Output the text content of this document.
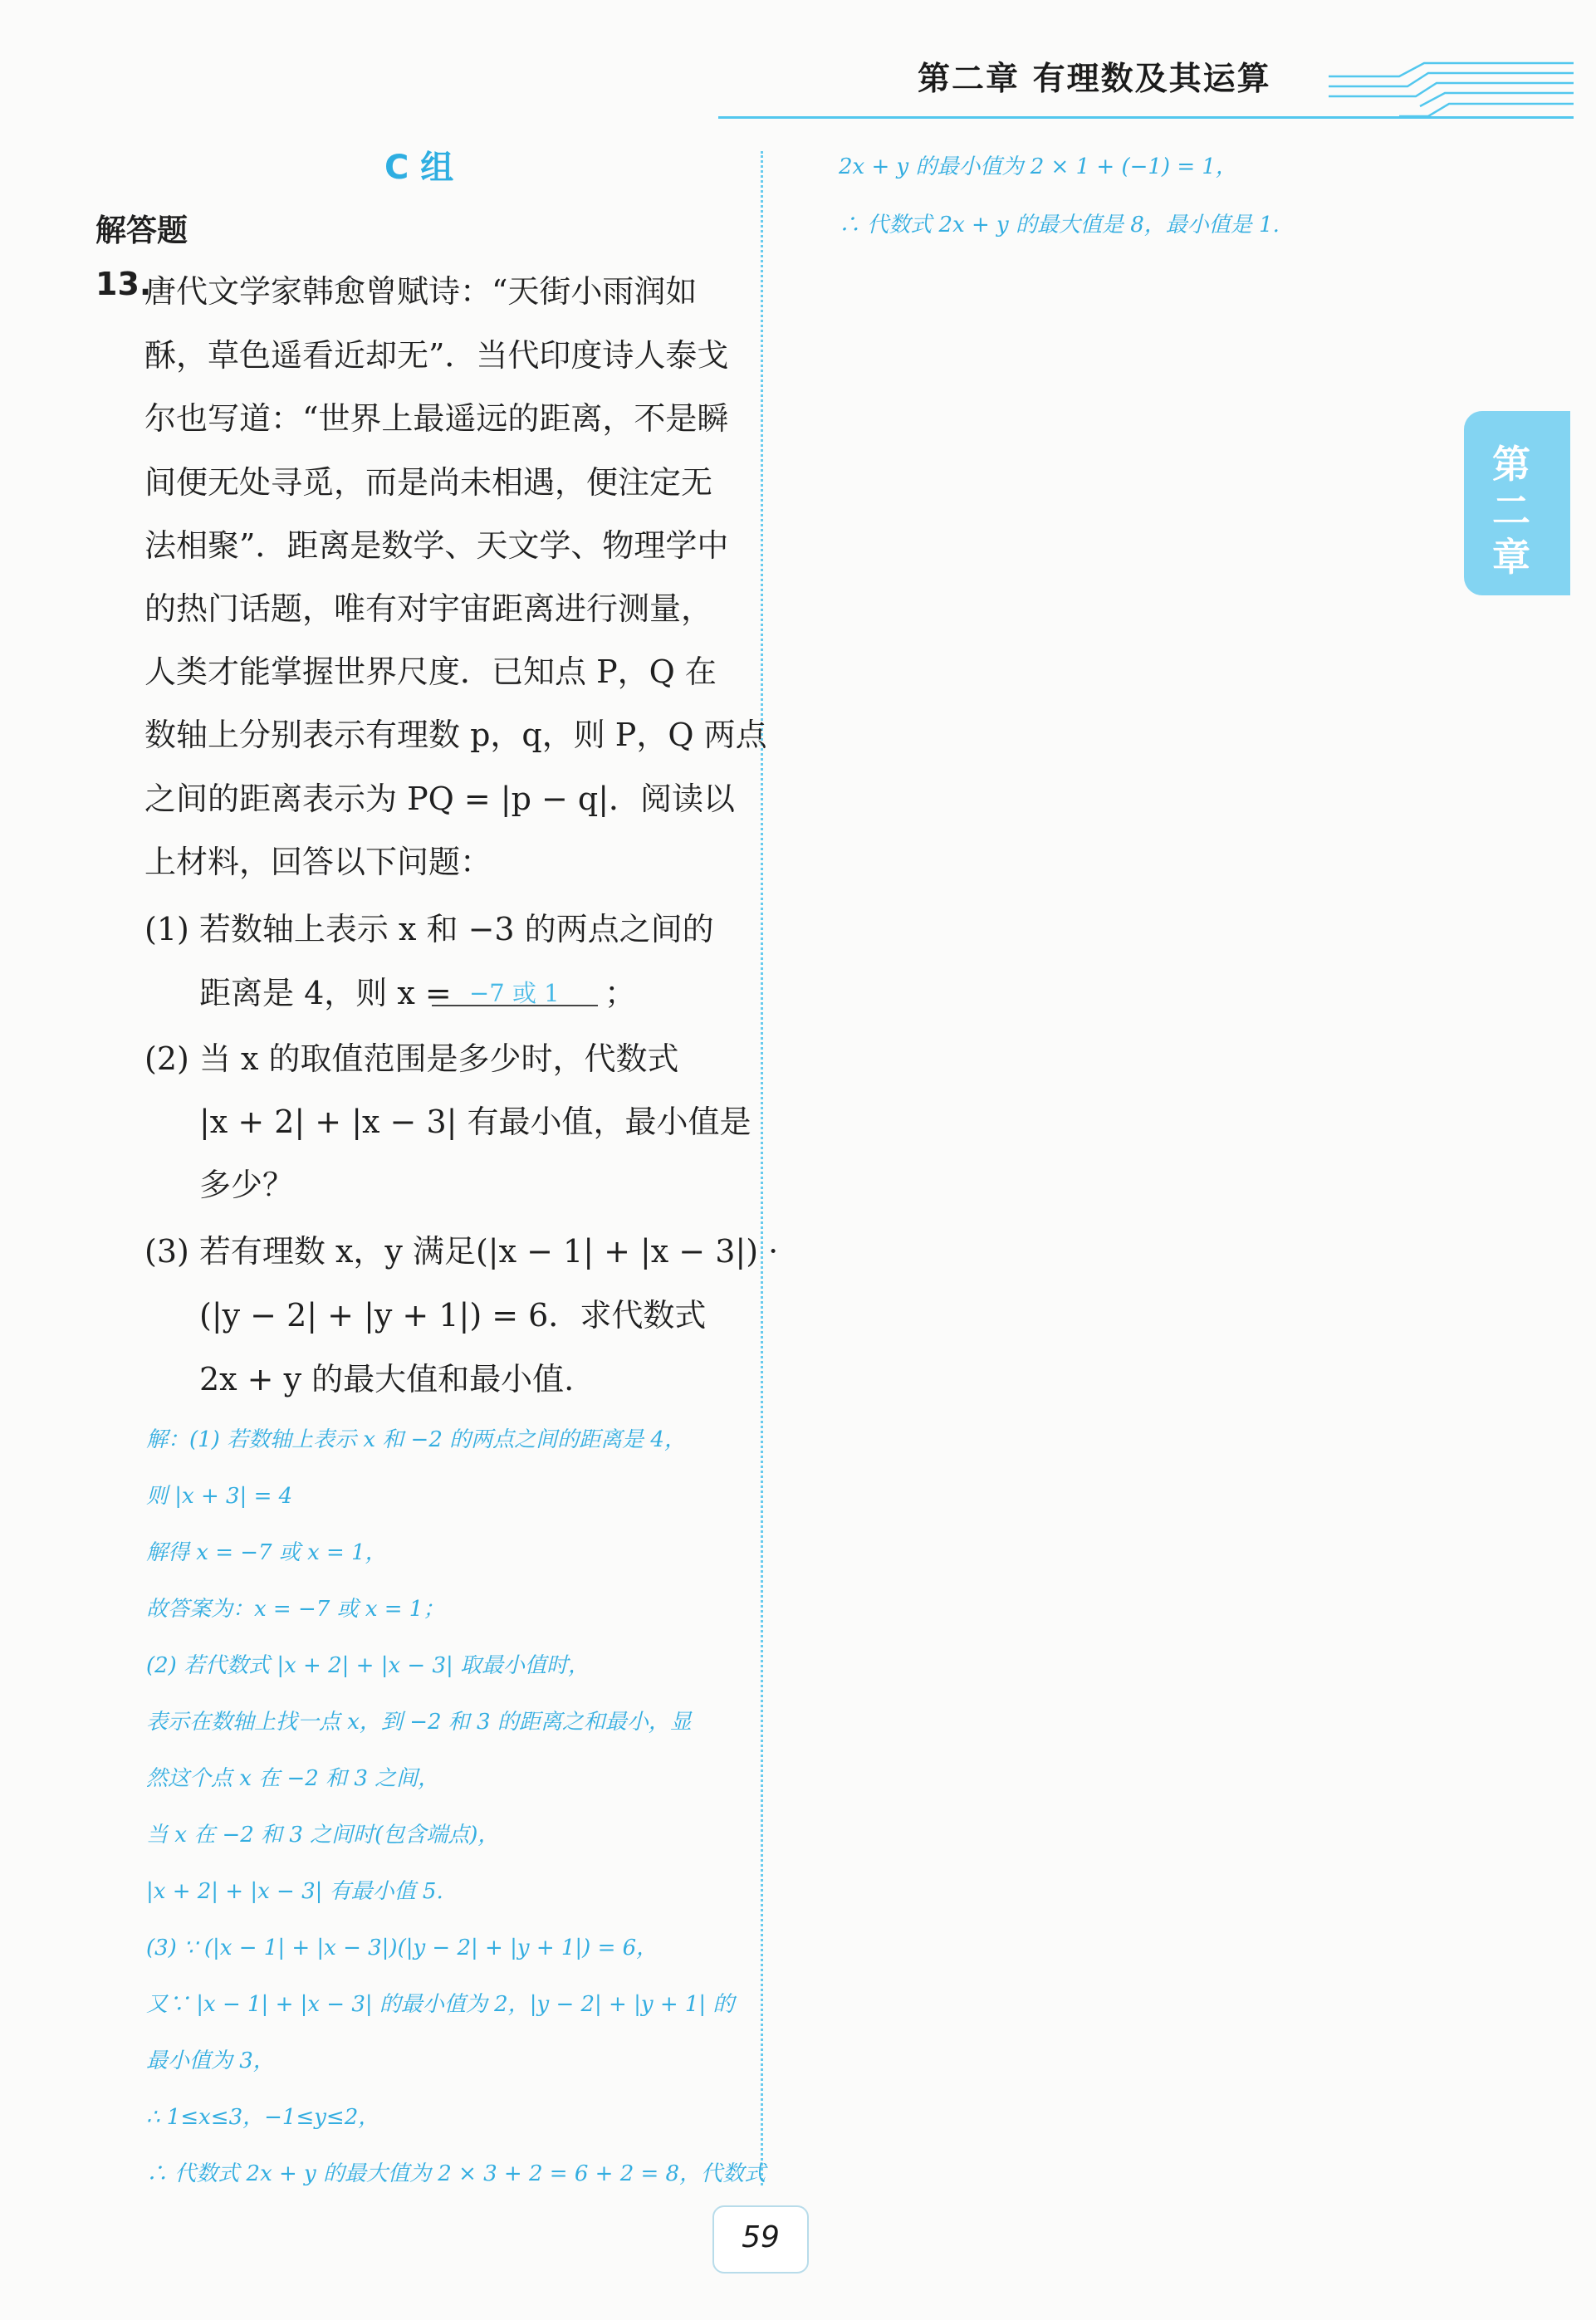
第二章 有理数及其运算
第
二
章
C 组
解答题
13.
唐代文学家韩愈曾赋诗：“天街小雨润如
酥，草色遥看近却无”．当代印度诗人泰戈
尔也写道：“世界上最遥远的距离，不是瞬
间便无处寻觅，而是尚未相遇，便注定无
法相聚”．距离是数学、天文学、物理学中
的热门话题，唯有对宇宙距离进行测量，
人类才能掌握世界尺度．已知点 P，Q 在
数轴上分别表示有理数 p，q，则 P，Q 两点
之间的距离表示为 PQ = |p − q|．阅读以
上材料，回答以下问题：
(1) 若数轴上表示 x 和 −3 的两点之间的
距离是 4，则 x = −7 或 1 ；
(2) 当 x 的取值范围是多少时，代数式
|x + 2| + |x − 3| 有最小值，最小值是
多少？
(3) 若有理数 x，y 满足(|x − 1| + |x − 3|) ·
(|y − 2| + |y + 1|) = 6．求代数式
2x + y 的最大值和最小值.
解：(1) 若数轴上表示 x 和 −2 的两点之间的距离是 4，
则 |x + 3| = 4
解得 x = −7 或 x = 1，
故答案为：x = −7 或 x = 1；
(2) 若代数式 |x + 2| + |x − 3| 取最小值时，
表示在数轴上找一点 x，到 −2 和 3 的距离之和最小，显
然这个点 x 在 −2 和 3 之间，
当 x 在 −2 和 3 之间时(包含端点)，
|x + 2| + |x − 3| 有最小值 5.
(3) ∵ (|x − 1| + |x − 3|)(|y − 2| + |y + 1|) = 6，
又∵ |x − 1| + |x − 3| 的最小值为 2，|y − 2| + |y + 1| 的
最小值为 3，
∴ 1≤x≤3，−1≤y≤2，
∴ 代数式 2x + y 的最大值为 2 × 3 + 2 = 6 + 2 = 8，代数式
2x + y 的最小值为 2 × 1 + (−1) = 1，
∴ 代数式 2x + y 的最大值是 8，最小值是 1.
59
